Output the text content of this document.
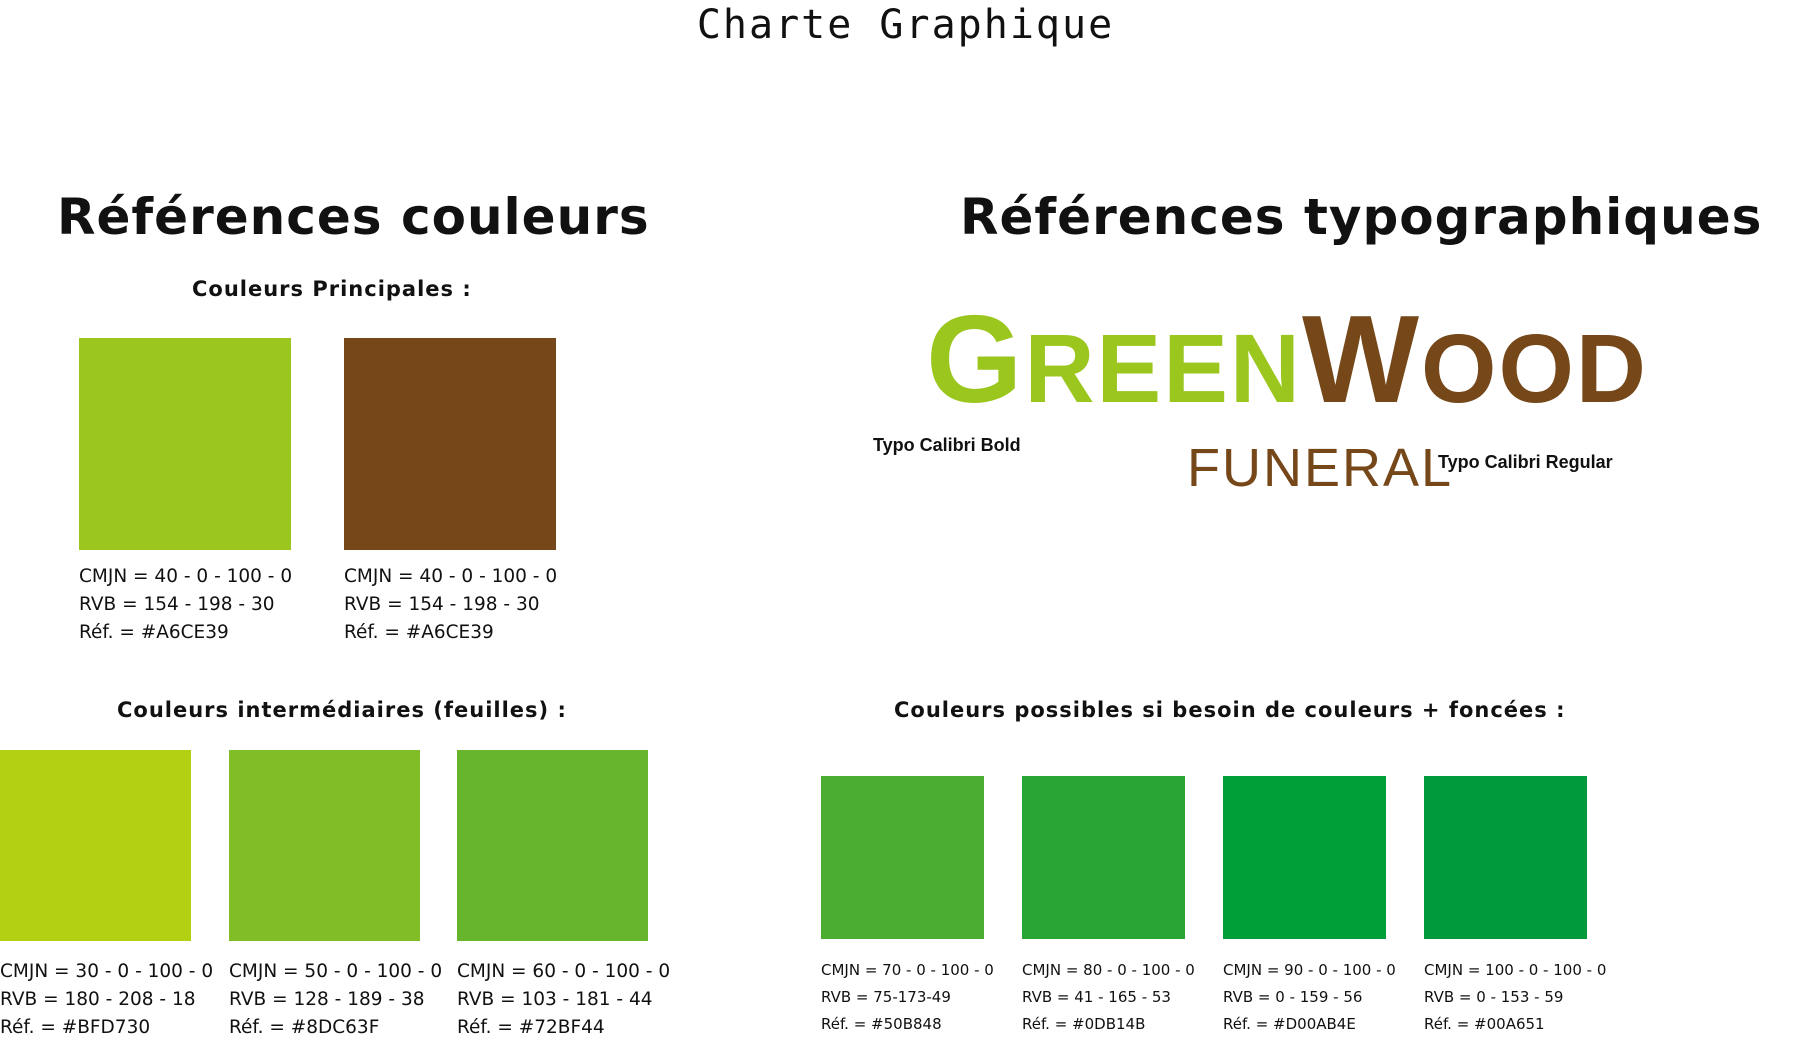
Charte Graphique
Références couleurs	Références typographiques
Couleurs Principales :
CMJN = 40 - 0 - 100 - 0
RVB = 154 - 198 - 30
Réf. = #A6CE39
CMJN = 40 - 0 - 100 - 0
RVB = 154 - 198 - 30
Réf. = #A6CE39
Couleurs intermédiaires (feuilles) :
CMJN = 30 - 0 - 100 - 0
RVB = 180 - 208 - 18
Réf. = #BFD730
CMJN = 50 - 0 - 100 - 0
RVB = 128 - 189 - 38
Réf. = #8DC63F
CMJN = 60 - 0 - 100 - 0
RVB = 103 - 181 - 44
Réf. = #72BF44
GREENWOOD
FUNERAL
Typo Calibri Bold
Typo Calibri Regular
Couleurs possibles si besoin de couleurs + foncées :
CMJN = 70 - 0 - 100 - 0
RVB = 75-173-49
Réf. = #50B848
CMJN = 80 - 0 - 100 - 0
RVB = 41 - 165 - 53
Réf. = #0DB14B
CMJN = 90 - 0 - 100 - 0
RVB = 0 - 159 - 56
Réf. = #D00AB4E
CMJN = 100 - 0 - 100 - 0
RVB = 0 - 153 - 59
Réf. = #00A651
